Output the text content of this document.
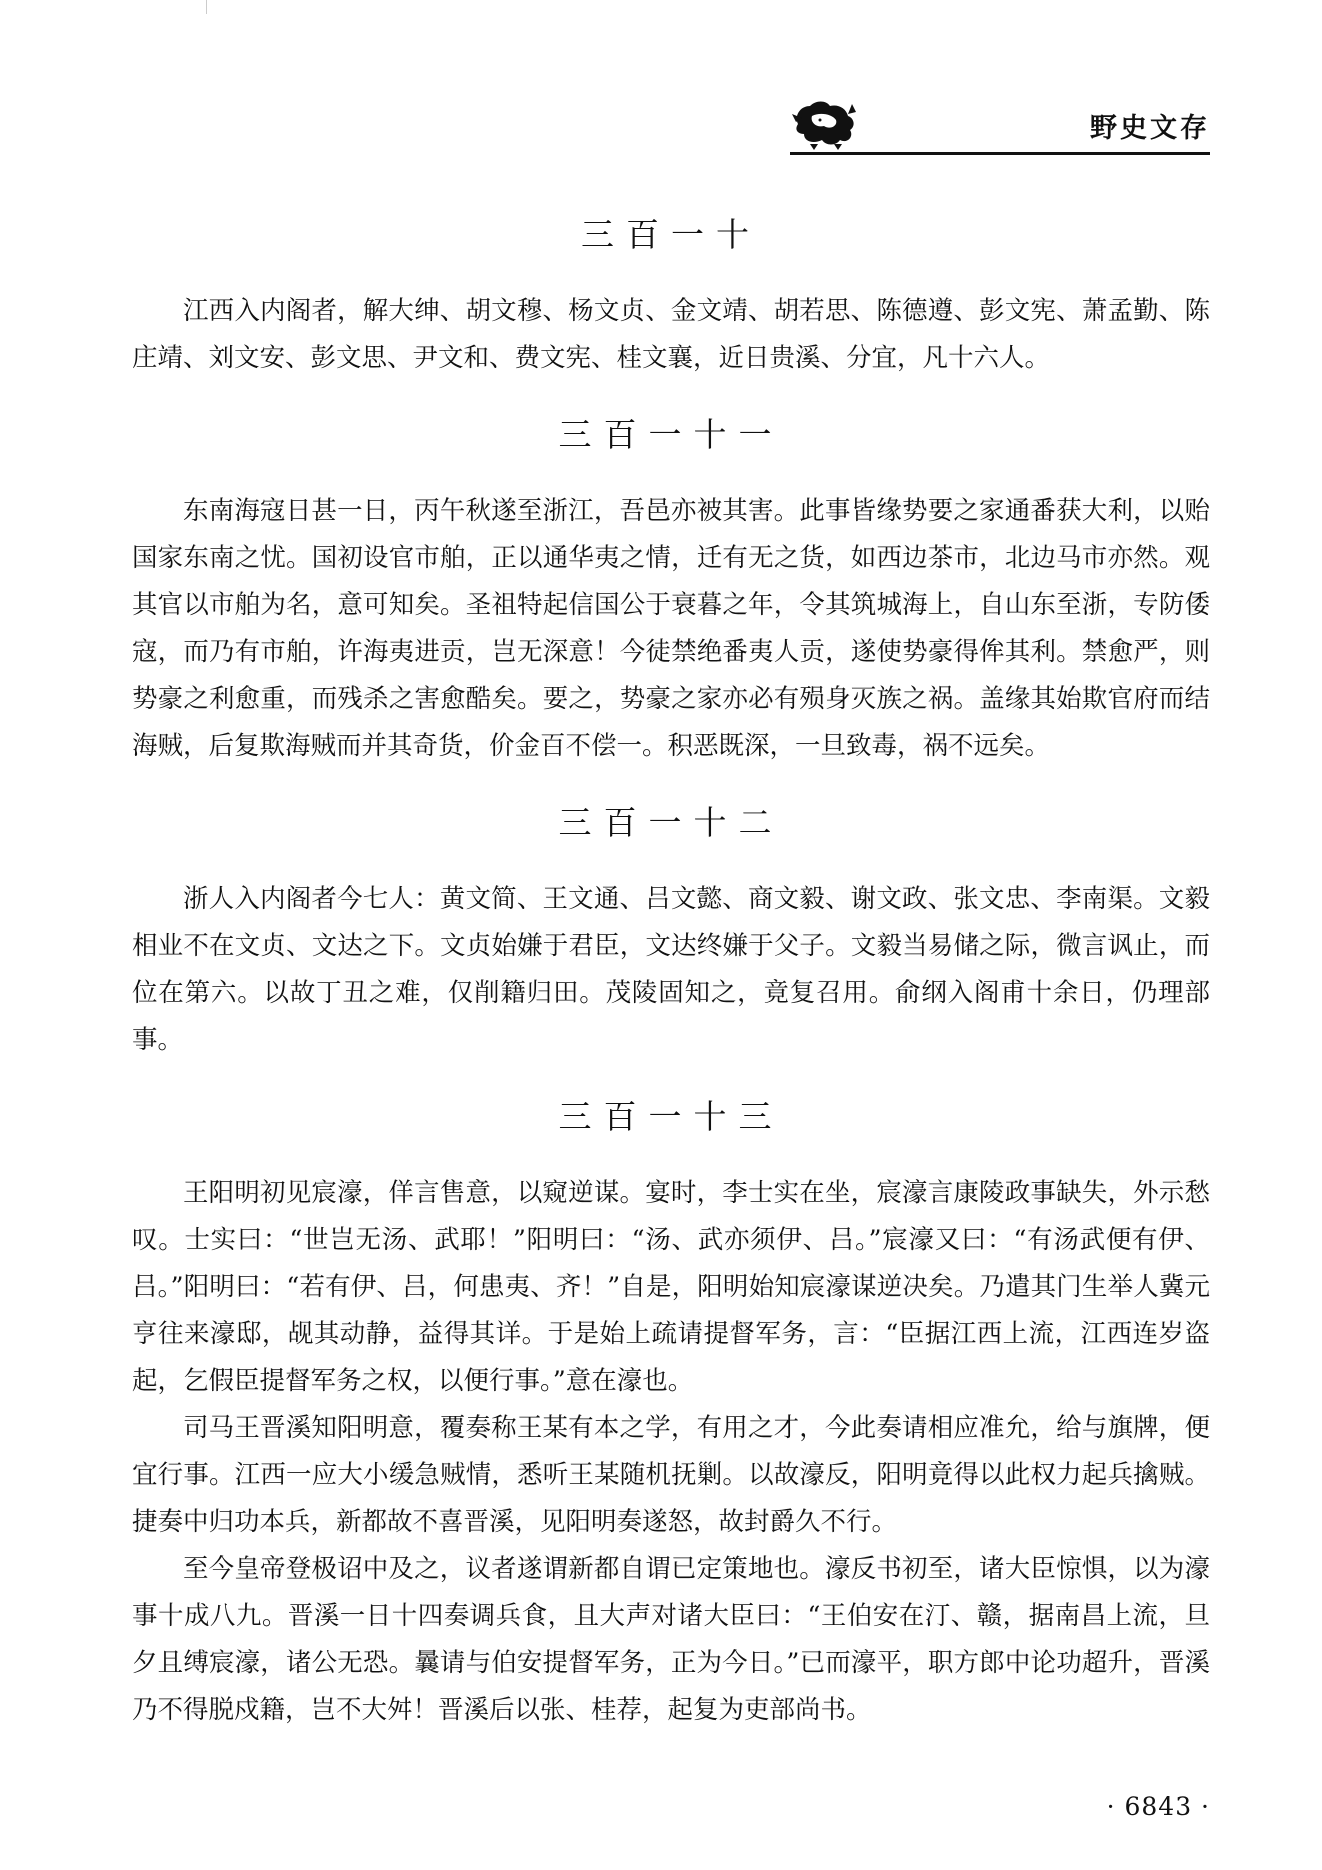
野史文存
三百一十

江西入内阁者，解大绅、胡文穆、杨文贞、金文靖、胡若思、陈德遵、彭文宪、萧孟勤、陈庄靖、刘文安、彭文思、尹文和、费文宪、桂文襄，近日贵溪、分宜，凡十六人。

三百一十一

东南海寇日甚一日，丙午秋遂至浙江，吾邑亦被其害。此事皆缘势要之家通番获大利，以贻国家东南之忧。国初设官市舶，正以通华夷之情，迁有无之货，如西边茶市，北边马市亦然。观其官以市舶为名，意可知矣。圣祖特起信国公于衰暮之年，令其筑城海上，自山东至浙，专防倭寇，而乃有市舶，许海夷进贡，岂无深意！今徒禁绝番夷人贡，遂使势豪得侔其利。禁愈严，则势豪之利愈重，而残杀之害愈酷矣。要之，势豪之家亦必有殒身灭族之祸。盖缘其始欺官府而结海贼，后复欺海贼而并其奇货，价金百不偿一。积恶既深，一旦致毒，祸不远矣。

三百一十二

浙人入内阁者今七人：黄文简、王文通、吕文懿、商文毅、谢文政、张文忠、李南渠。文毅相业不在文贞、文达之下。文贞始嫌于君臣，文达终嫌于父子。文毅当易储之际，微言讽止，而位在第六。以故丁丑之难，仅削籍归田。茂陵固知之，竟复召用。俞纲入阁甫十余日，仍理部事。

三百一十三

王阳明初见宸濠，佯言售意，以窥逆谋。宴时，李士实在坐，宸濠言康陵政事缺失，外示愁叹。士实曰：“世岂无汤、武耶！”阳明曰：“汤、武亦须伊、吕。”宸濠又曰：“有汤武便有伊、吕。”阳明曰：“若有伊、吕，何患夷、齐！”自是，阳明始知宸濠谋逆决矣。乃遣其门生举人冀元亨往来濠邸，觇其动静，益得其详。于是始上疏请提督军务，言：“臣据江西上流，江西连岁盗起，乞假臣提督军务之权，以便行事。”意在濠也。

司马王晋溪知阳明意，覆奏称王某有本之学，有用之才，今此奏请相应准允，给与旗牌，便宜行事。江西一应大小缓急贼情，悉听王某随机抚剿。以故濠反，阳明竟得以此权力起兵擒贼。捷奏中归功本兵，新都故不喜晋溪，见阳明奏遂怒，故封爵久不行。

至今皇帝登极诏中及之，议者遂谓新都自谓已定策地也。濠反书初至，诸大臣惊惧，以为濠事十成八九。晋溪一日十四奏调兵食，且大声对诸大臣曰：“王伯安在汀、赣，据南昌上流，旦夕且缚宸濠，诸公无恐。曩请与伯安提督军务，正为今日。”已而濠平，职方郎中论功超升，晋溪乃不得脱戍籍，岂不大舛！晋溪后以张、桂荐，起复为吏部尚书。

· 6843 ·
